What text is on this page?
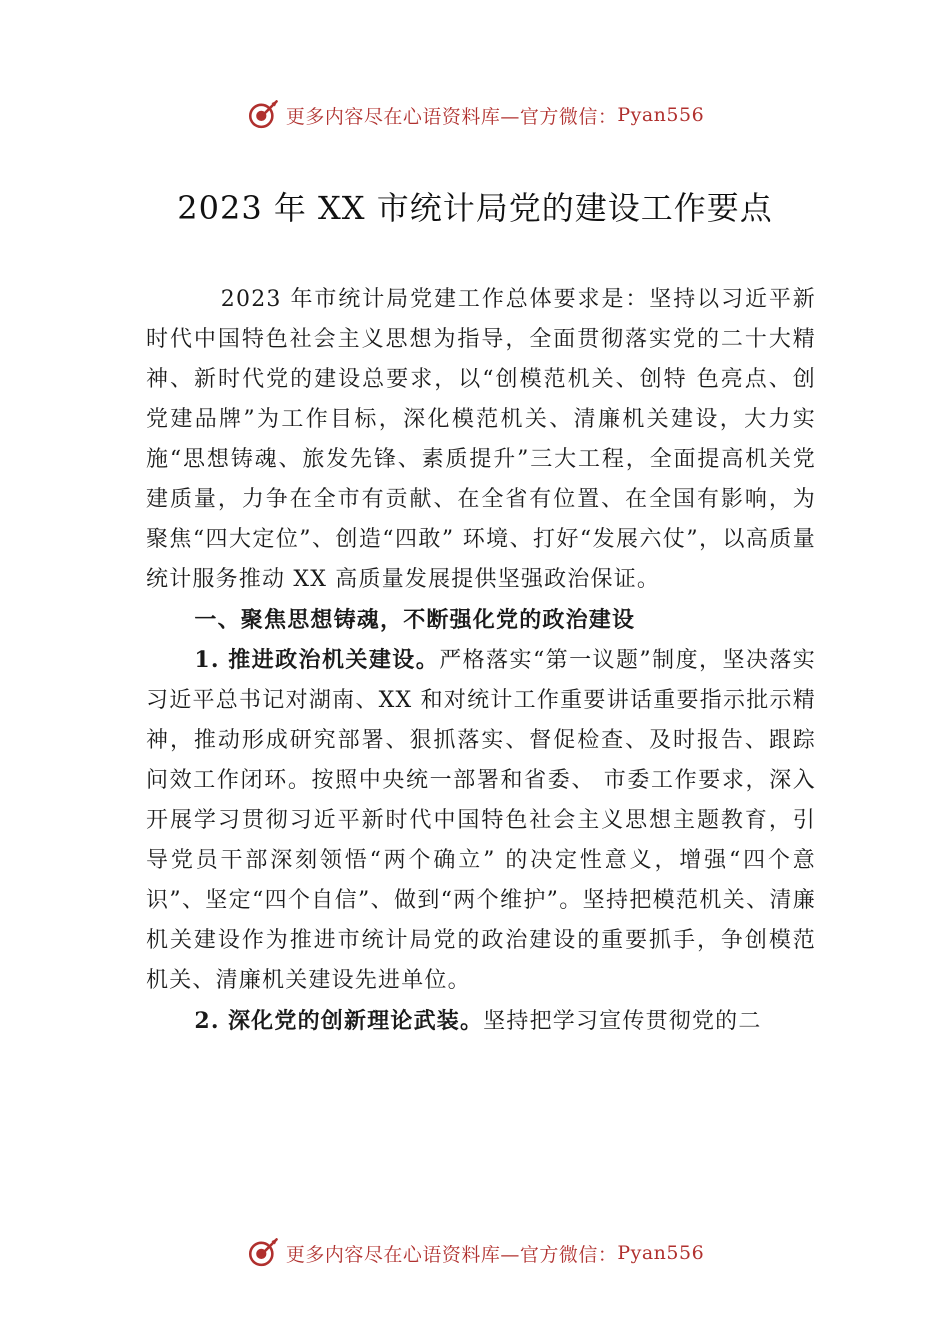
更多内容尽在心语资料库—官方微信： Pyan556
2023 年 XX 市统计局党的建设工作要点

2023 年市统计局党建工作总体要求是：坚持以习近平新时代中国特色社会主义思想为指导，全面贯彻落实党的二十大精神、新时代党的建设总要求，以“创模范机关、创特 色亮点、创党建品牌”为工作目标，深化模范机关、清廉机关建设，大力实施“思想铸魂、旅发先锋、素质提升”三大工程，全面提高机关党建质量，力争在全市有贡献、在全省有位置、在全国有影响，为聚焦“四大定位”、创造“四敢” 环境、打好“发展六仗”，以高质量统计服务推动 XX 高质量发展提供坚强政治保证。

一、聚焦思想铸魂，不断强化党的政治建设

1. 推进政治机关建设。严格落实“第一议题”制度，坚决落实习近平总书记对湖南、XX 和对统计工作重要讲话重要指示批示精神，推动形成研究部署、狠抓落实、督促检查、及时报告、跟踪问效工作闭环。按照中央统一部署和省委、 市委工作要求，深入开展学习贯彻习近平新时代中国特色社会主义思想主题教育，引导党员干部深刻领悟“两个确立” 的决定性意义，增强“四个意识”、坚定“四个自信”、做到“两个维护”。坚持把模范机关、清廉机关建设作为推进市统计局党的政治建设的重要抓手，争创模范机关、清廉机关建设先进单位。

2. 深化党的创新理论武装。坚持把学习宣传贯彻党的二

更多内容尽在心语资料库—官方微信： Pyan556
